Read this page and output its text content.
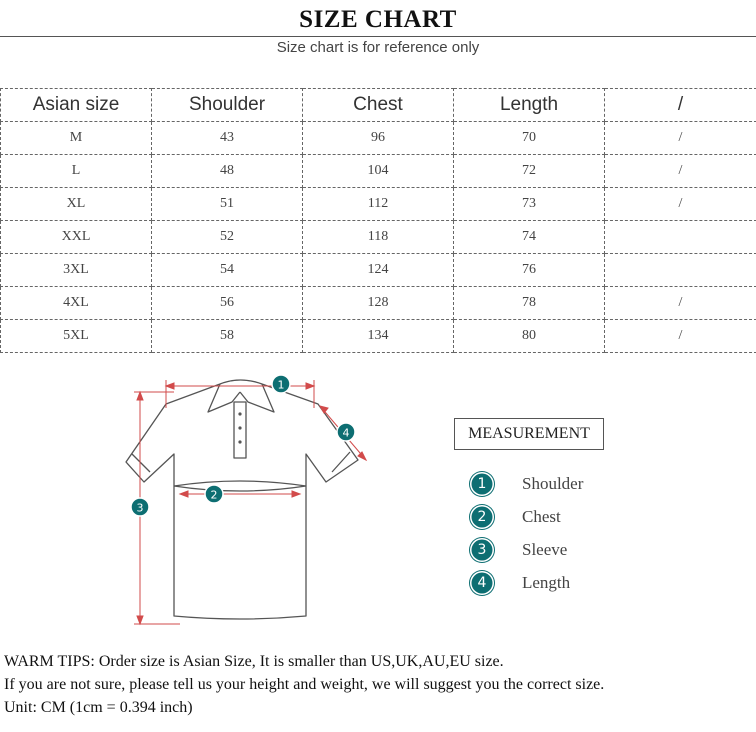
SIZE CHART
Size chart is for reference only
Asian size	Shoulder	Chest	Length	/
M	43	96	70	/
L	48	104	72	/
XL	51	112	73	/
XXL	52	118	74	
3XL	54	124	76	
4XL	56	128	78	/
5XL	58	134	80	/
1
2
3
4	MEASUREMENT
1	Shoulder
2	Chest
3	Sleeve
4	Length
WARM TIPS: Order size is Asian Size, It is smaller than US,UK,AU,EU size.
If you are not sure, please tell us your height and weight, we will suggest you the correct size.
Unit: CM (1cm = 0.394 inch)
